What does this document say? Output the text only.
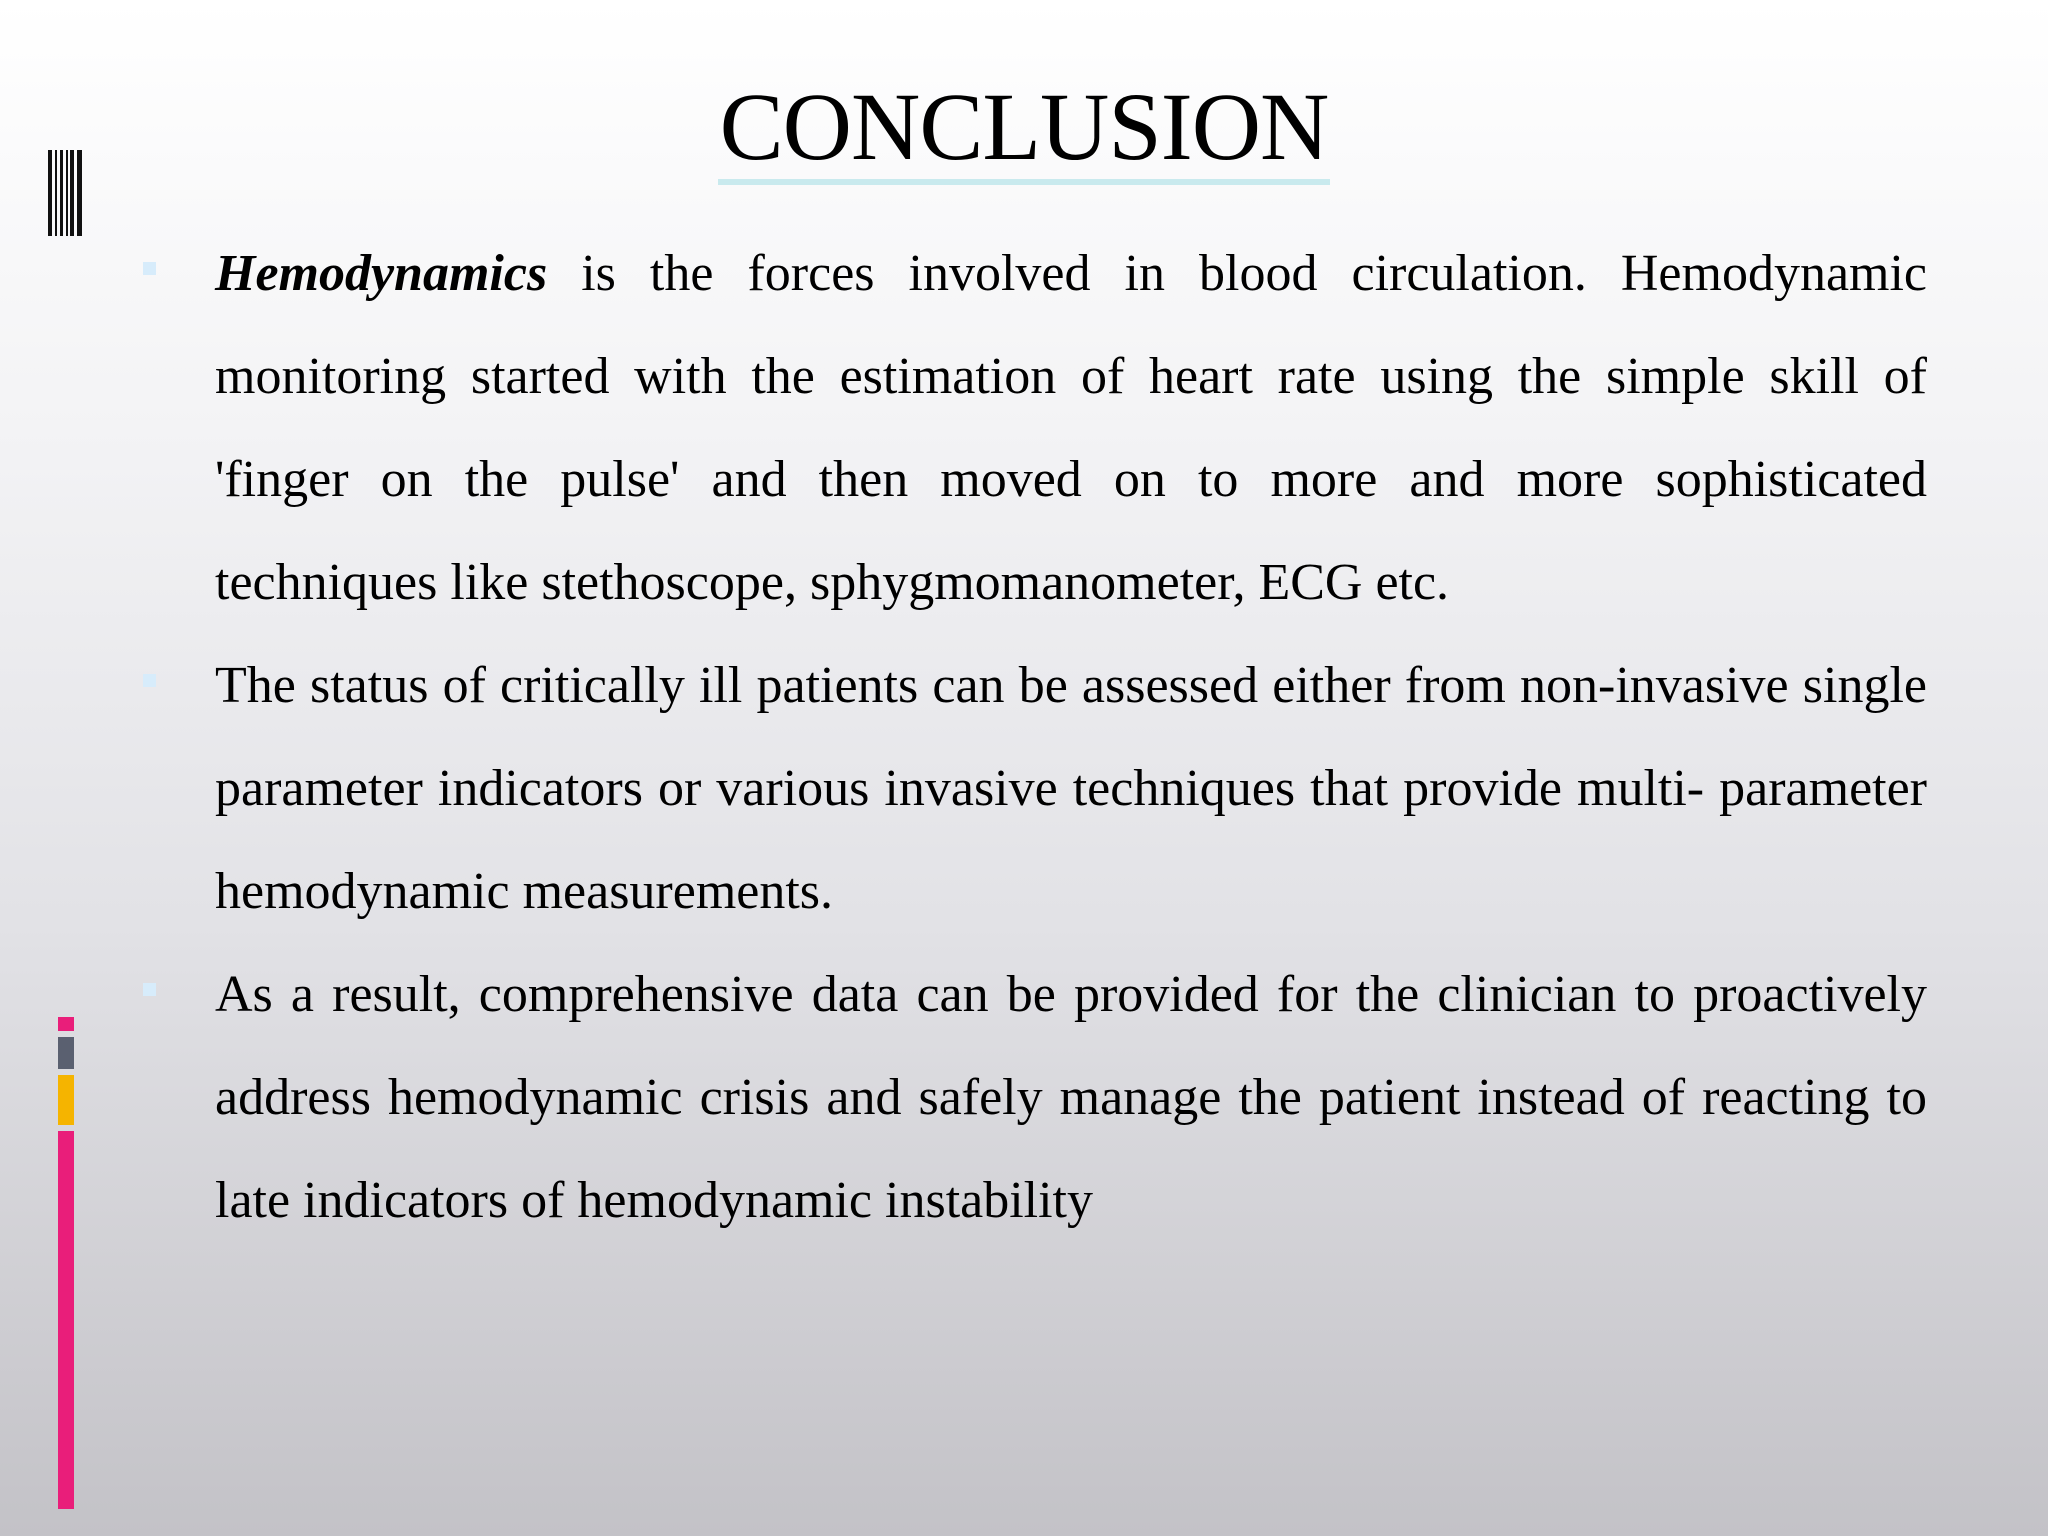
CONCLUSION
Hemodynamics is the forces involved in blood circulation. Hemodynamic monitoring started with the estimation of heart rate using the simple skill of 'finger on the pulse' and then moved on to more and more sophisticated techniques like stethoscope, sphygmomanometer, ECG etc.
The status of critically ill patients can be assessed either from non-invasive single parameter indicators or various invasive techniques that provide multi- parameter hemodynamic measurements.
As a result, comprehensive data can be provided for the clinician to proactively address hemodynamic crisis and safely manage the patient instead of reacting to late indicators of hemodynamic instability
